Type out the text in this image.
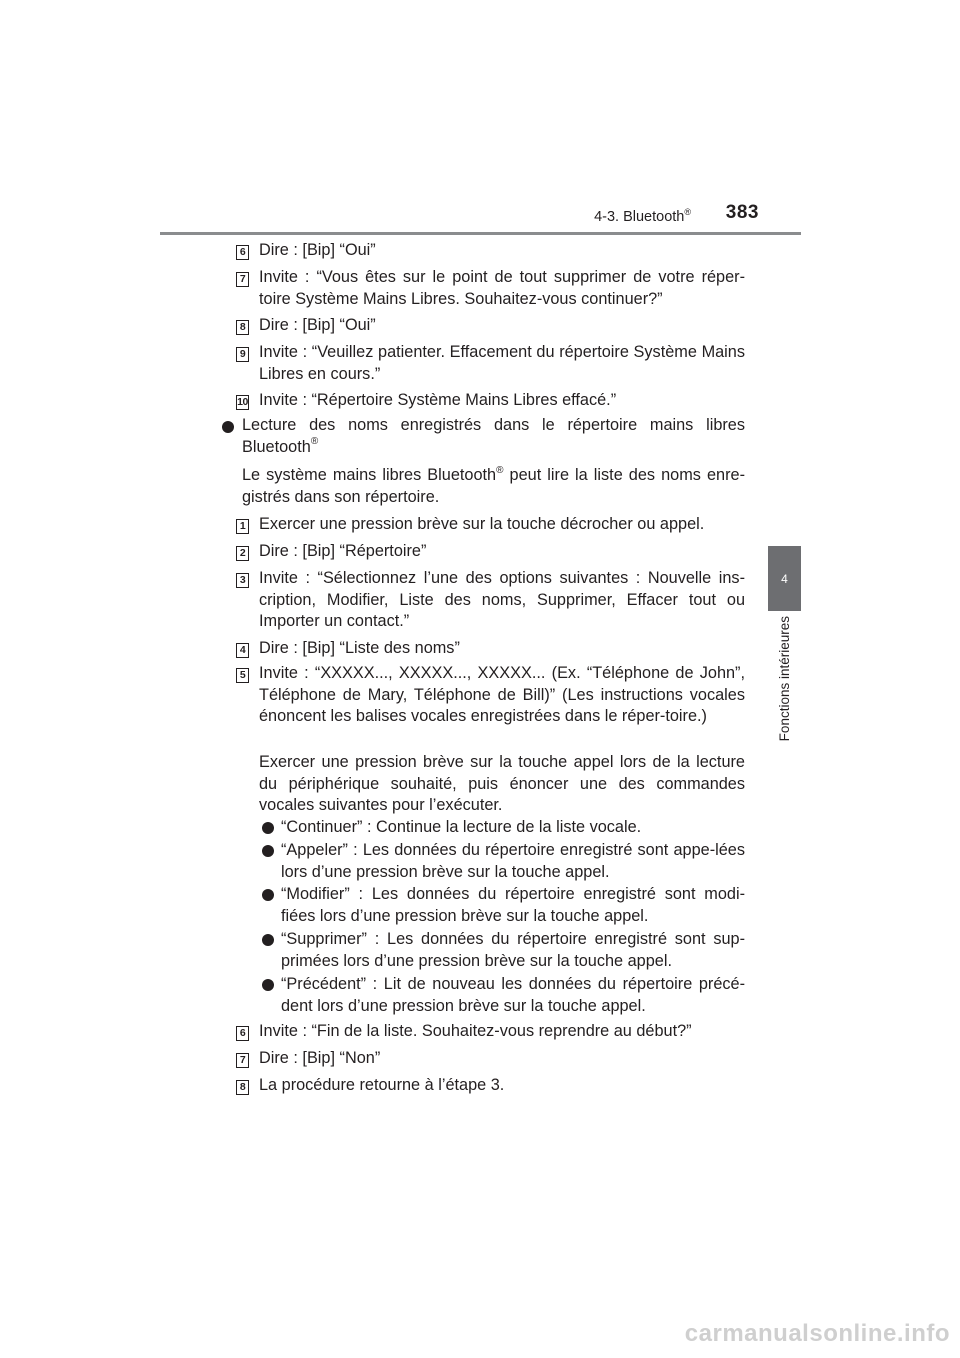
4-3. Bluetooth® 383
4
Fonctions intérieures
6 Dire : [Bip] “Oui”
7 Invite : “Vous êtes sur le point de tout supprimer de votre réper-toire Système Mains Libres. Souhaitez-vous continuer?”
8 Dire : [Bip] “Oui”
9 Invite : “Veuillez patienter. Effacement du répertoire Système Mains Libres en cours.”
10 Invite : “Répertoire Système Mains Libres effacé.”
Lecture des noms enregistrés dans le répertoire mains libres Bluetooth®
Le système mains libres Bluetooth® peut lire la liste des noms enre-gistrés dans son répertoire.
1 Exercer une pression brève sur la touche décrocher ou appel.
2 Dire : [Bip] “Répertoire”
3 Invite : “Sélectionnez l’une des options suivantes : Nouvelle ins-cription, Modifier, Liste des noms, Supprimer, Effacer tout ou Importer un contact.”
4 Dire : [Bip] “Liste des noms”
5 Invite : “XXXXX..., XXXXX..., XXXXX... (Ex. “Téléphone de John”, Téléphone de Mary, Téléphone de Bill)” (Les instructions vocales énoncent les balises vocales enregistrées dans le réper-toire.)
Exercer une pression brève sur la touche appel lors de la lecture du périphérique souhaité, puis énoncer une des commandes vocales suivantes pour l’exécuter.
“Continuer” : Continue la lecture de la liste vocale.
“Appeler” : Les données du répertoire enregistré sont appe-lées lors d’une pression brève sur la touche appel.
“Modifier” : Les données du répertoire enregistré sont modi-fiées lors d’une pression brève sur la touche appel.
“Supprimer” : Les données du répertoire enregistré sont sup-primées lors d’une pression brève sur la touche appel.
“Précédent” : Lit de nouveau les données du répertoire précé-dent lors d’une pression brève sur la touche appel.
6 Invite : “Fin de la liste. Souhaitez-vous reprendre au début?”
7 Dire : [Bip] “Non”
8 La procédure retourne à l’étape 3.
carmanualsonline.info
